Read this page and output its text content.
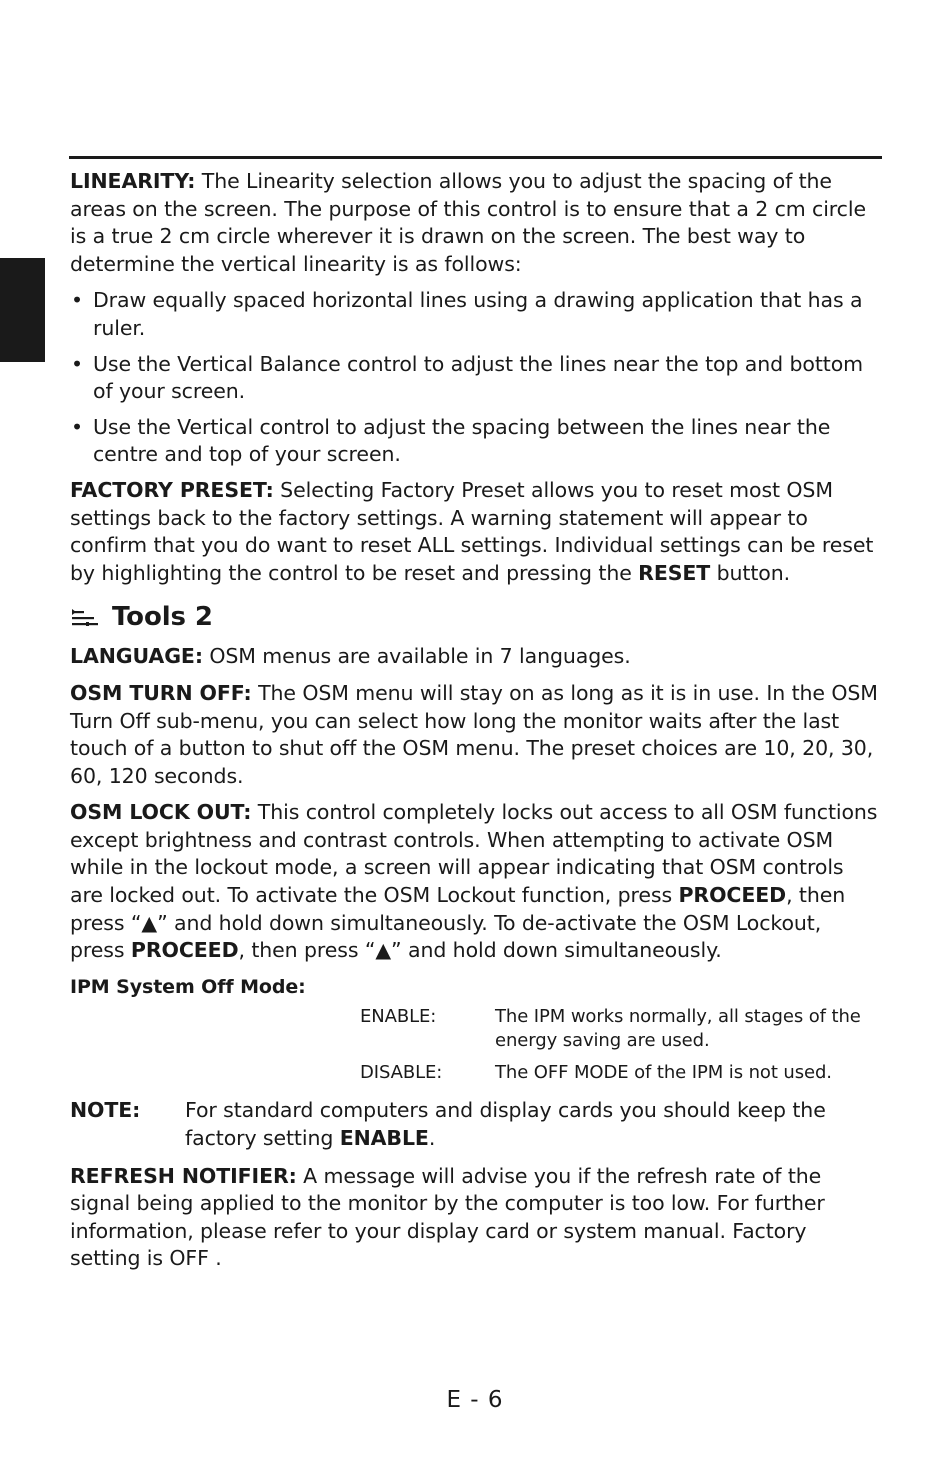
LINEARITY: The Linearity selection allows you to adjust the spacing of the areas on the screen. The purpose of this control is to ensure that a 2 cm circle is a true 2 cm circle wherever it is drawn on the screen. The best way to determine the vertical linearity is as follows:

• Draw equally spaced horizontal lines using a drawing application that has a ruler.
• Use the Vertical Balance control to adjust the lines near the top and bottom of your screen.
• Use the Vertical control to adjust the spacing between the lines near the centre and top of your screen.

FACTORY PRESET: Selecting Factory Preset allows you to reset most OSM settings back to the factory settings. A warning statement will appear to confirm that you do want to reset ALL settings. Individual settings can be reset by highlighting the control to be reset and pressing the RESET button.

Tools 2

LANGUAGE: OSM menus are available in 7 languages.

OSM TURN OFF: The OSM menu will stay on as long as it is in use. In the OSM Turn Off sub-menu, you can select how long the monitor waits after the last touch of a button to shut off the OSM menu. The preset choices are 10, 20, 30, 60, 120 seconds.

OSM LOCK OUT: This control completely locks out access to all OSM functions except brightness and contrast controls. When attempting to activate OSM while in the lockout mode, a screen will appear indicating that OSM controls are locked out. To activate the OSM Lockout function, press PROCEED, then press “▲” and hold down simultaneously. To de-activate the OSM Lockout, press PROCEED, then press “▲” and hold down simultaneously.

IPM System Off Mode:
ENABLE:	The IPM works normally, all stages of the energy saving are used.
DISABLE:	The OFF MODE of the IPM is not used.
NOTE:	For standard computers and display cards you should keep the factory setting ENABLE.

REFRESH NOTIFIER: A message will advise you if the refresh rate of the signal being applied to the monitor by the computer is too low. For further information, please refer to your display card or system manual. Factory setting is OFF .

E - 6
